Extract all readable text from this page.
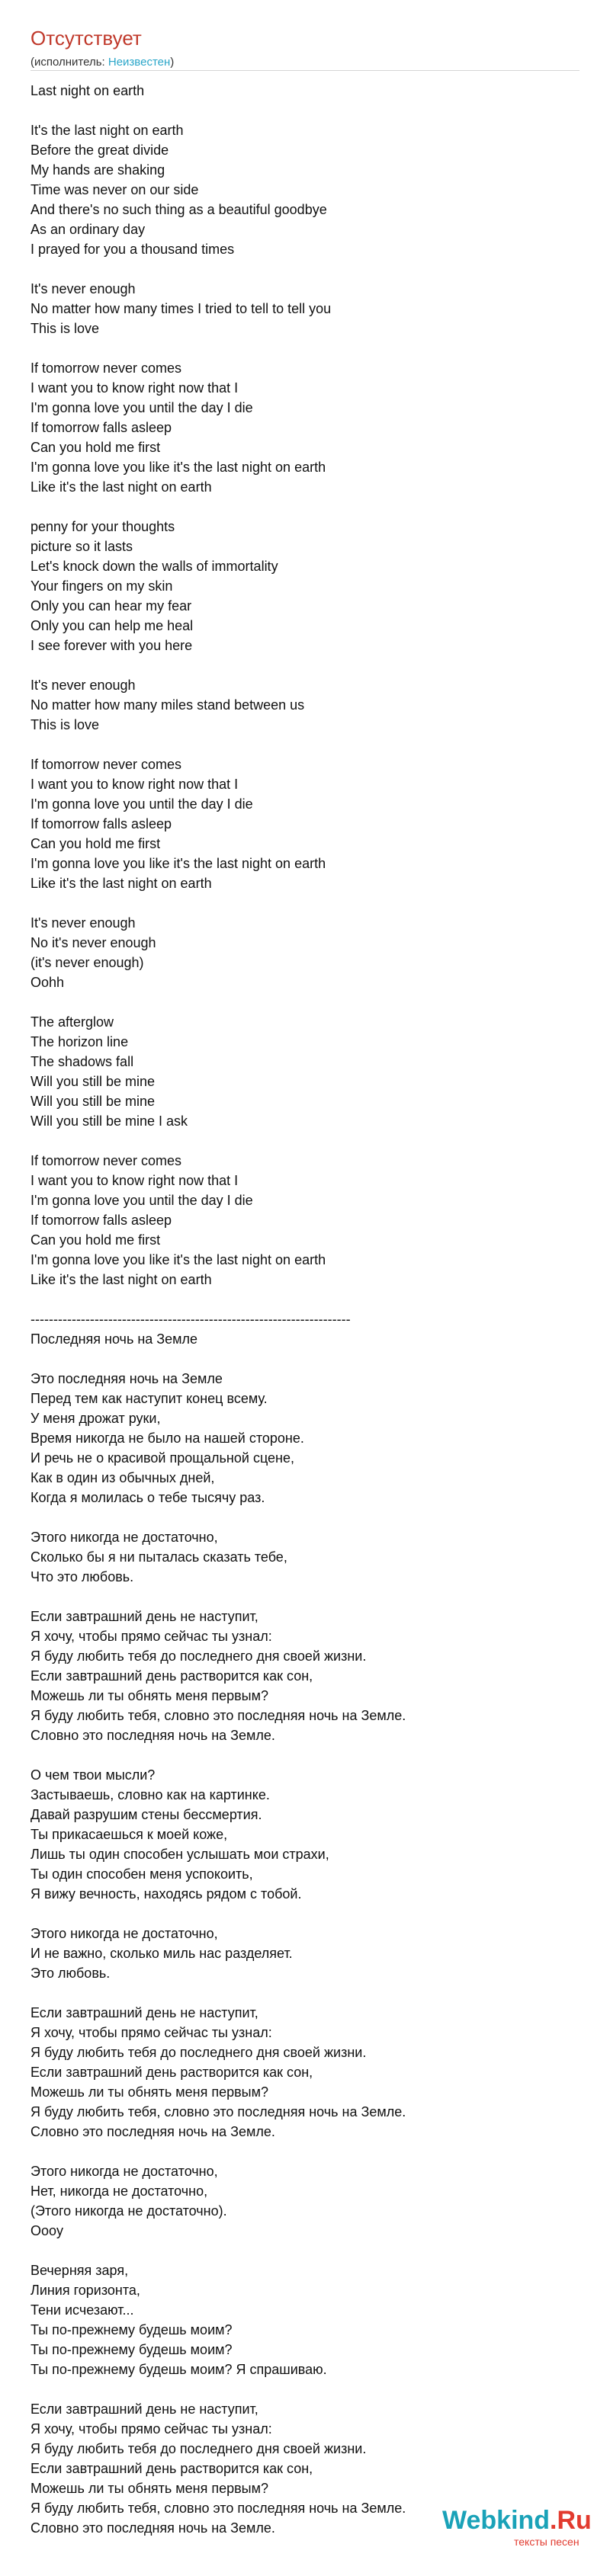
Отсутствует
(исполнитель: Неизвестен)
Last night on earth
It's the last night on earth
Before the great divide
My hands are shaking
Time was never on our side
And there's no such thing as a beautiful goodbye
As an ordinary day
I prayed for you a thousand times
It's never enough
No matter how many times I tried to tell to tell you
This is love
If tomorrow never comes
I want you to know right now that I
I'm gonna love you until the day I die
If tomorrow falls asleep
Can you hold me first
I'm gonna love you like it's the last night on earth
Like it's the last night on earth
penny for your thoughts
picture so it lasts
Let's knock down the walls of immortality
Your fingers on my skin
Only you can hear my fear
Only you can help me heal
I see forever with you here
It's never enough
No matter how many miles stand between us
This is love
If tomorrow never comes
I want you to know right now that I
I'm gonna love you until the day I die
If tomorrow falls asleep
Can you hold me first
I'm gonna love you like it's the last night on earth
Like it's the last night on earth
It's never enough
No it's never enough
(it's never enough)
Oohh
The afterglow
The horizon line
The shadows fall
Will you still be mine
Will you still be mine
Will you still be mine I ask
If tomorrow never comes
I want you to know right now that I
I'm gonna love you until the day I die
If tomorrow falls asleep
Can you hold me first
I'm gonna love you like it's the last night on earth
Like it's the last night on earth
----------------------------------------------------------------------
Последняя ночь на Земле
Это последняя ночь на Земле
Перед тем как наступит конец всему.
У меня дрожат руки,
Время никогда не было на нашей стороне.
И речь не о красивой прощальной сцене,
Как в один из обычных дней,
Когда я молилась о тебе тысячу раз.
Этого никогда не достаточно,
Сколько бы я ни пыталась сказать тебе,
Что это любовь.
Если завтрашний день не наступит,
Я хочу, чтобы прямо сейчас ты узнал:
Я буду любить тебя до последнего дня своей жизни.
Если завтрашний день растворится как сон,
Можешь ли ты обнять меня первым?
Я буду любить тебя, словно это последняя ночь на Земле.
Словно это последняя ночь на Земле.
О чем твои мысли?
Застываешь, словно как на картинке.
Давай разрушим стены бессмертия.
Ты прикасаешься к моей коже,
Лишь ты один способен услышать мои страхи,
Ты один способен меня успокоить,
Я вижу вечность, находясь рядом с тобой.
Этого никогда не достаточно,
И не важно, сколько миль нас разделяет.
Это любовь.
Если завтрашний день не наступит,
Я хочу, чтобы прямо сейчас ты узнал:
Я буду любить тебя до последнего дня своей жизни.
Если завтрашний день растворится как сон,
Можешь ли ты обнять меня первым?
Я буду любить тебя, словно это последняя ночь на Земле.
Словно это последняя ночь на Земле.
Этого никогда не достаточно,
Нет, никогда не достаточно,
(Этого никогда не достаточно).
Оooу
Вечерняя заря,
Линия горизонта,
Тени исчезают...
Ты по-прежнему будешь моим?
Ты по-прежнему будешь моим?
Ты по-прежнему будешь моим? Я спрашиваю.
Если завтрашний день не наступит,
Я хочу, чтобы прямо сейчас ты узнал:
Я буду любить тебя до последнего дня своей жизни.
Если завтрашний день растворится как сон,
Можешь ли ты обнять меня первым?
Я буду любить тебя, словно это последняя ночь на Земле.
Словно это последняя ночь на Земле.	Webkind.Ru
тексты песен
